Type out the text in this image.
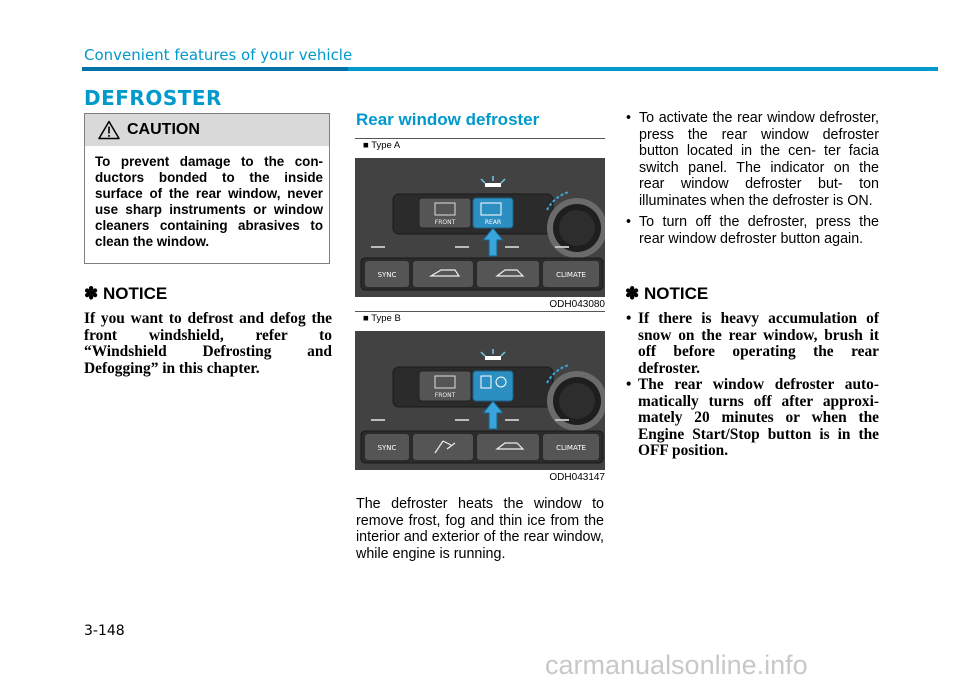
Convenient features of your vehicle
DEFROSTER
CAUTION
To prevent damage to the con- ductors bonded to the inside surface of the rear window, never use sharp instruments or window cleaners containing abrasives to clean the window.
✽ NOTICE
If you want to defrost and defog the front windshield, refer to “Windshield Defrosting and Defogging” in this chapter.
Rear window defroster
■ Type A
FRONT	REAR
SYNC	CLIMATE
ODH043080
■ Type B
FRONT
SYNC	CLIMATE
ODH043147
The defroster heats the window to remove frost, fog and thin ice from the interior and exterior of the rear window, while engine is running.
• To activate the rear window defroster, press the rear window defroster button located in the cen- ter facia switch panel. The indicator on the rear window defroster but- ton illuminates when the defroster is ON.
• To turn off the defroster, press the rear window defroster button again.
✽ NOTICE
• If there is heavy accumulation of snow on the rear window, brush it off before operating the rear defroster.
• The rear window defroster auto- matically turns off after approxi- mately 20 minutes or when the Engine Start/Stop button is in the OFF position.
3-148
carmanualsonline.info
